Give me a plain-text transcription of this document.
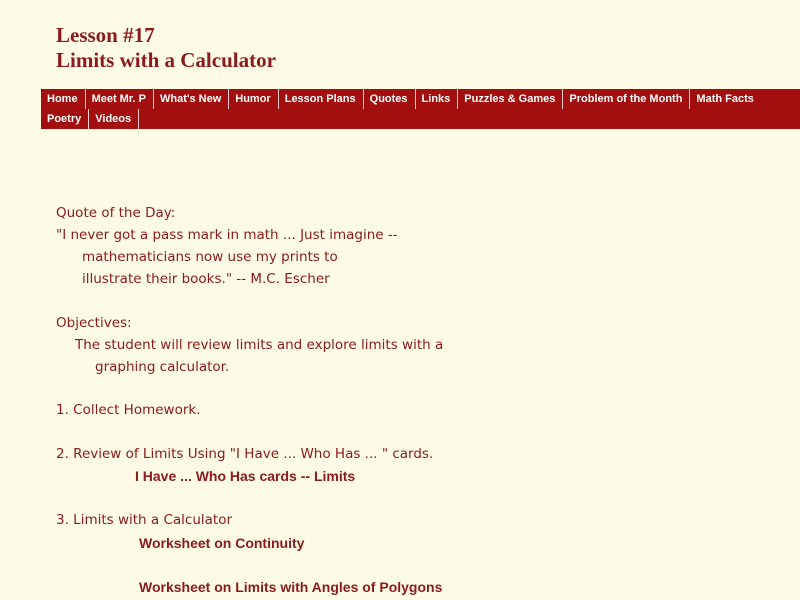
Lesson #17
Limits with a Calculator
Home	Meet Mr. P	What's New	Humor	Lesson Plans	Quotes	Links	Puzzles & Games	Problem of the Month	Math Facts
Poetry	Videos
Quote of the Day:
"I never got a pass mark in math ... Just imagine --
mathematicians now use my prints to
illustrate their books." -- M.C. Escher
Objectives:
The student will review limits and explore limits with a
graphing calculator.
1. Collect Homework.
2. Review of Limits Using "I Have ... Who Has ... " cards.
I Have ... Who Has cards -- Limits
3. Limits with a Calculator
Worksheet on Continuity
Worksheet on Limits with Angles of Polygons
